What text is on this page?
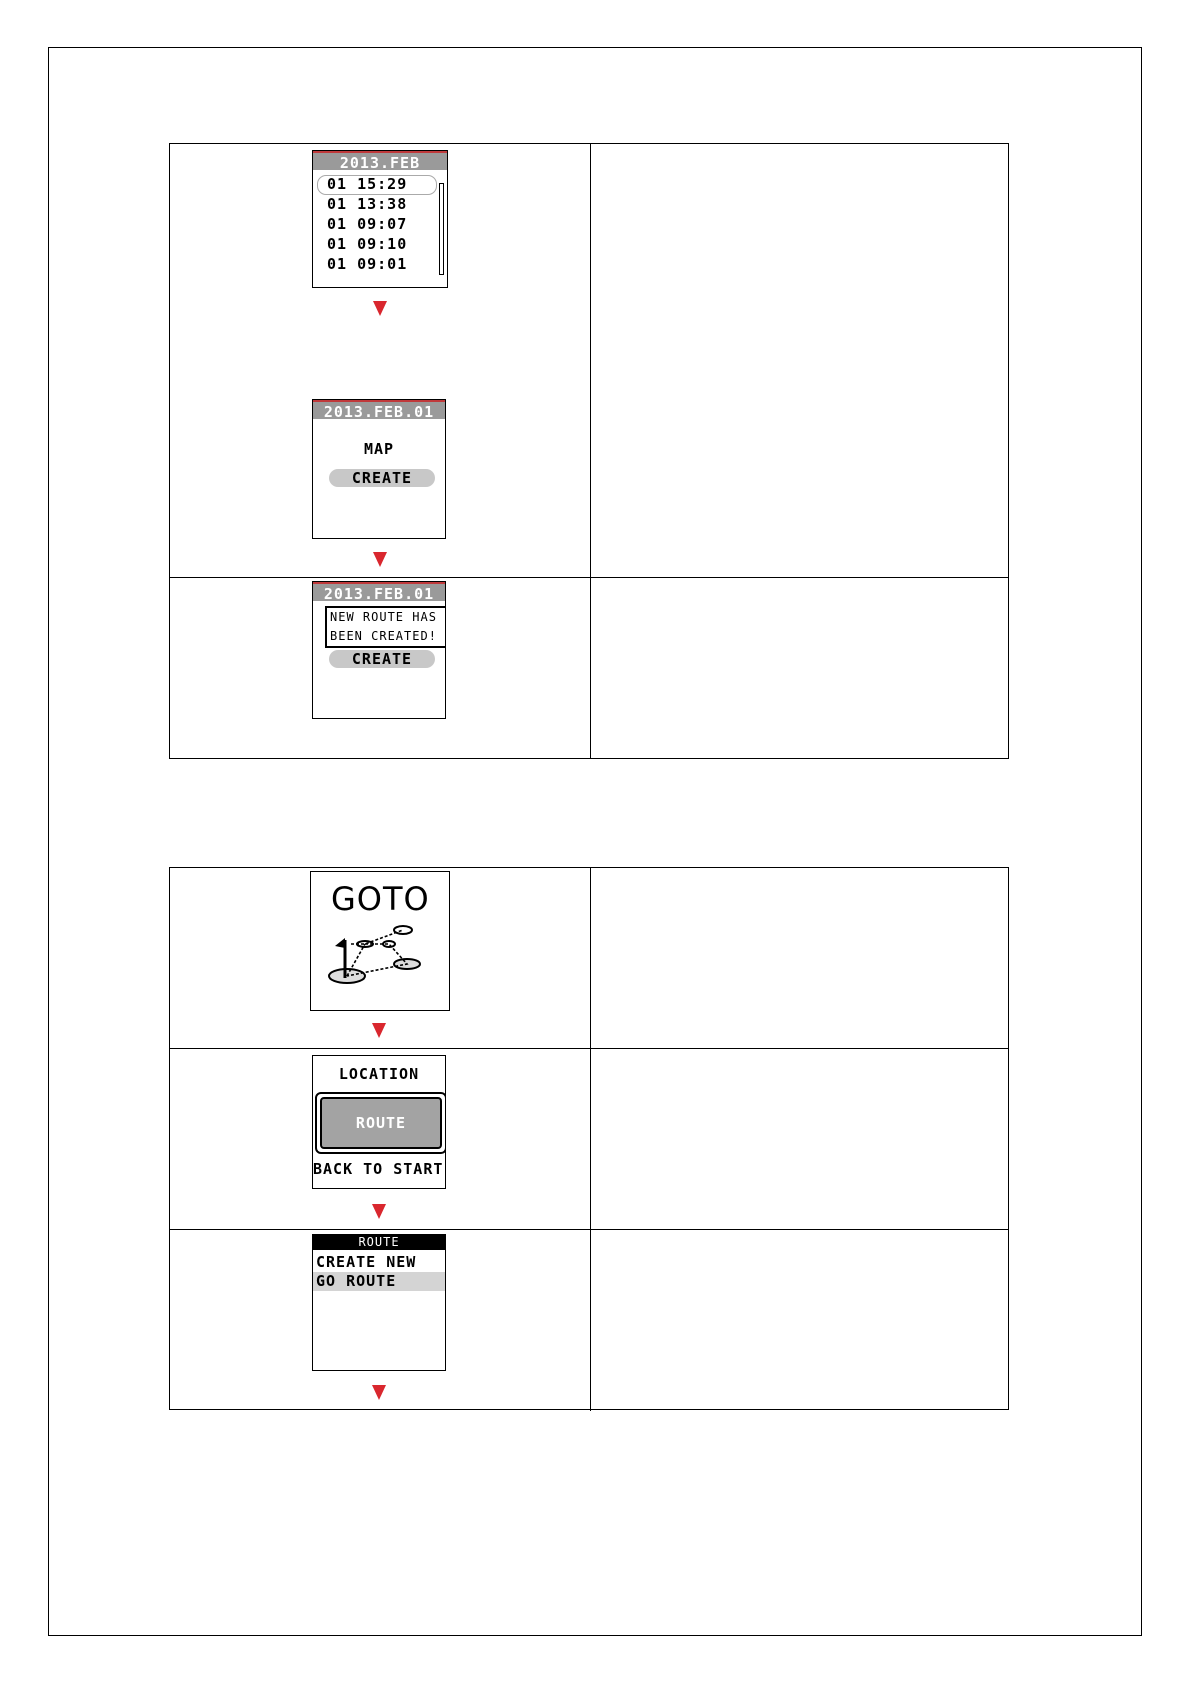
2013.FEB
01 15:29
01 13:38
01 09:07
01 09:10
01 09:01
2013.FEB.01
MAP
CREATE
2013.FEB.01
NEW ROUTE HAS
BEEN CREATED!
CREATE
GOTO
LOCATION
ROUTE
BACK TO START
ROUTE
CREATE NEW
GO ROUTE
